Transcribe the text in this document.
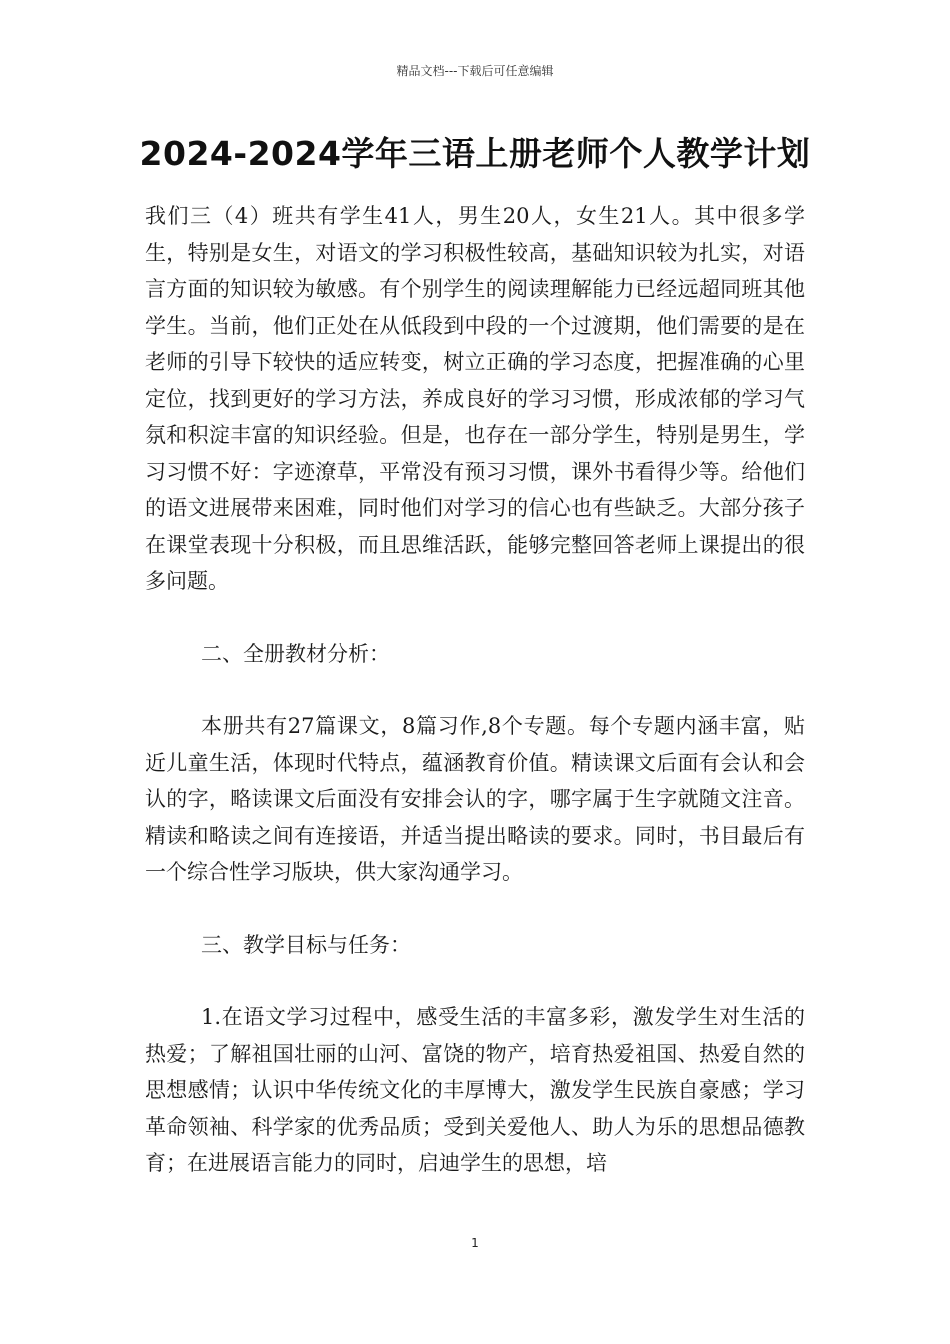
精品文档---下载后可任意编辑
2024-2024学年三语上册老师个人教学计划

我们三（4）班共有学生41人，男生20人，女生21人。其中很多学生，特别是女生，对语文的学习积极性较高，基础知识较为扎实，对语言方面的知识较为敏感。有个别学生的阅读理解能力已经远超同班其他学生。当前，他们正处在从低段到中段的一个过渡期，他们需要的是在老师的引导下较快的适应转变，树立正确的学习态度，把握准确的心里定位，找到更好的学习方法，养成良好的学习习惯，形成浓郁的学习气氛和积淀丰富的知识经验。但是，也存在一部分学生，特别是男生，学习习惯不好：字迹潦草，平常没有预习习惯，课外书看得少等。给他们的语文进展带来困难，同时他们对学习的信心也有些缺乏。大部分孩子在课堂表现十分积极，而且思维活跃，能够完整回答老师上课提出的很多问题。

二、全册教材分析：

本册共有27篇课文，8篇习作,8个专题。每个专题内涵丰富，贴近儿童生活，体现时代特点，蕴涵教育价值。精读课文后面有会认和会认的字，略读课文后面没有安排会认的字，哪字属于生字就随文注音。精读和略读之间有连接语，并适当提出略读的要求。同时，书目最后有一个综合性学习版块，供大家沟通学习。

三、教学目标与任务：

1.在语文学习过程中，感受生活的丰富多彩，激发学生对生活的热爱；了解祖国壮丽的山河、富饶的物产，培育热爱祖国、热爱自然的思想感情；认识中华传统文化的丰厚博大，激发学生民族自豪感；学习革命领袖、科学家的优秀品质；受到关爱他人、助人为乐的思想品德教育；在进展语言能力的同时，启迪学生的思想，培

1
